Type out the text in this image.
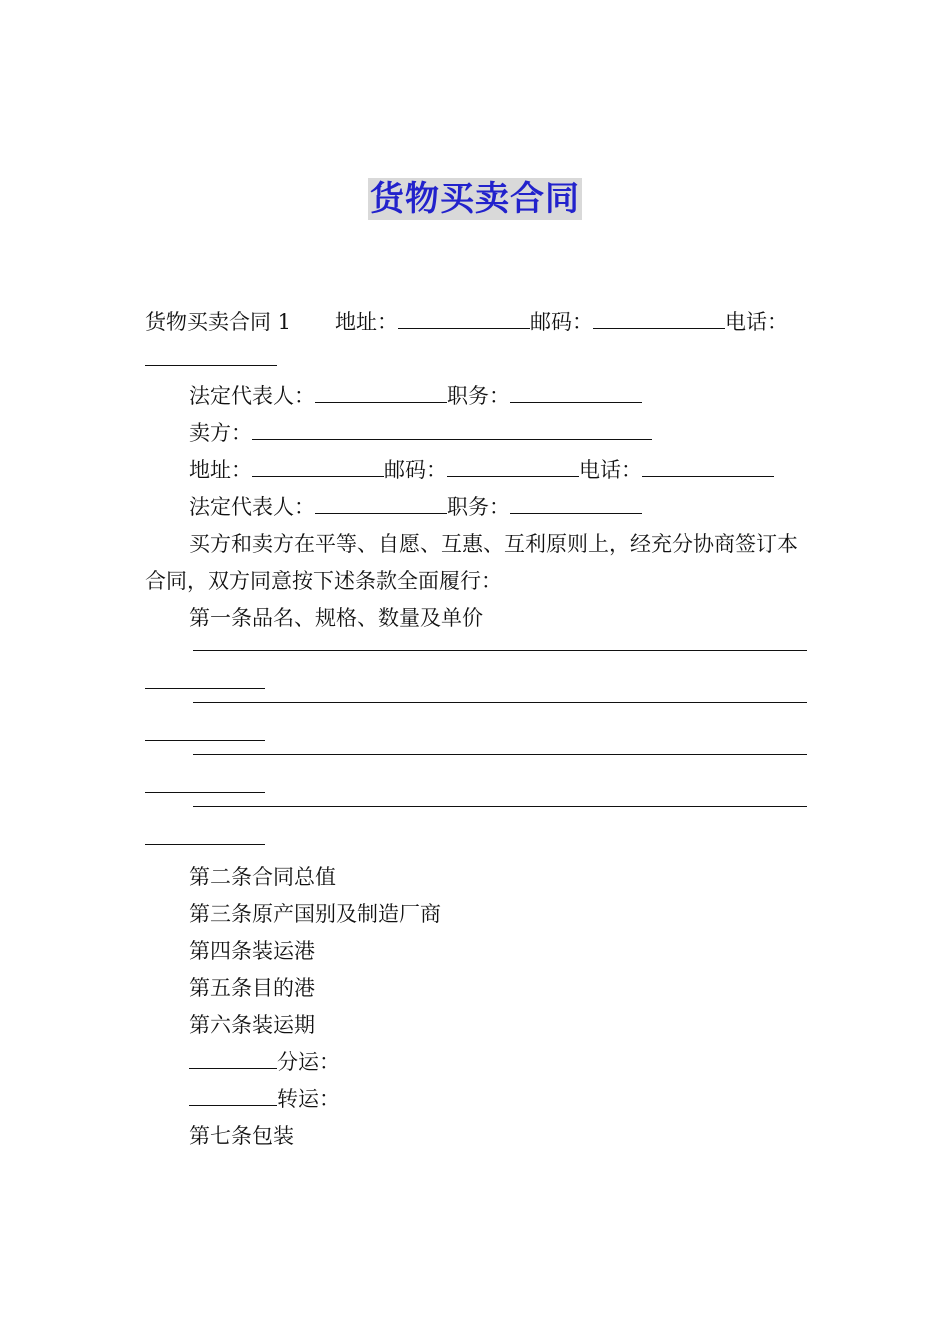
货物买卖合同

货物买卖合同 1 地址：	邮码：	电话：

法定代表人：	职务：

卖方：

地址：	邮码：	电话：

法定代表人：	职务：

买方和卖方在平等、自愿、互惠、互利原则上，经充分协商签订本合同，双方同意按下述条款全面履行：

第一条品名、规格、数量及单价

第二条合同总值

第三条原产国别及制造厂商

第四条装运港

第五条目的港

第六条装运期

分运：

转运：

第七条包装
